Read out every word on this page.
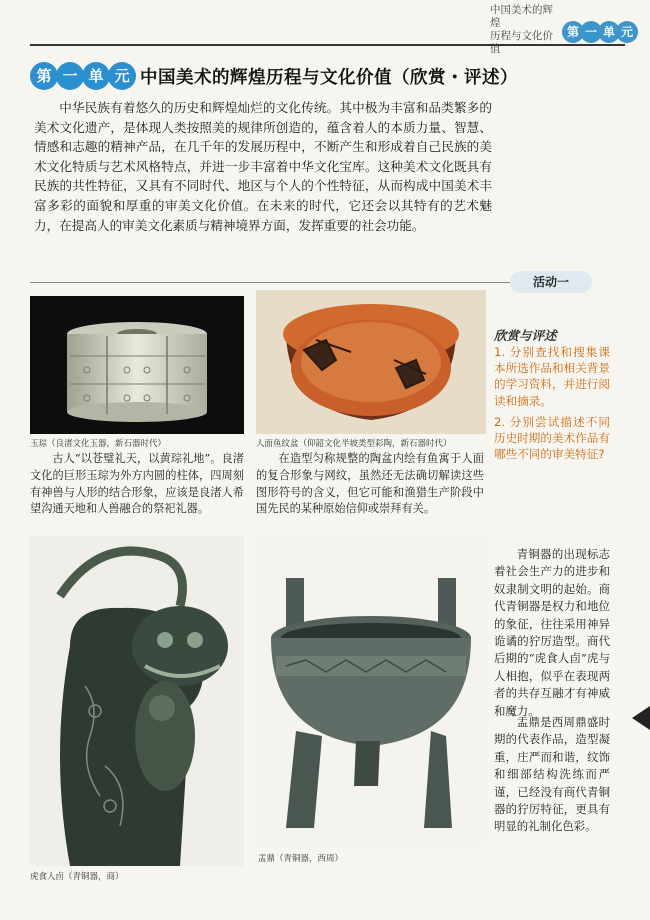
中国美术的辉煌
历程与文化价值
第 一 单 元
第 一 单 元 中国美术的辉煌历程与文化价值（欣赏・评述）
中华民族有着悠久的历史和辉煌灿烂的文化传统。其中极为丰富和品类繁多的美术文化遗产，是体现人类按照美的规律所创造的，蕴含着人的本质力量、智慧、情感和志趣的精神产品，在几千年的发展历程中，不断产生和形成着自己民族的美术文化特质与艺术风格特点，并进一步丰富着中华文化宝库。这种美术文化既具有民族的共性特征，又具有不同时代、地区与个人的个性特征，从而构成中国美术丰富多彩的面貌和厚重的审美文化价值。在未来的时代，它还会以其特有的艺术魅力，在提高人的审美文化素质与精神境界方面，发挥重要的社会功能。
活动一
欣赏与评述
1. 分别查找和搜集课本所选作品和相关背景的学习资料，并进行阅读和摘录。
2. 分别尝试描述不同历史时期的美术作品有哪些不同的审美特征?
玉琮（良渚文化玉器，新石器时代）
古人“以苍璧礼天，以黄琮礼地”。良渚文化的巨形玉琮为外方内圆的柱体，四周刻有神兽与人形的结合形象，应该是良渚人希望沟通天地和人兽融合的祭祀礼器。
人面鱼纹盆（仰韶文化半坡类型彩陶，新石器时代）
在造型匀称规整的陶盆内绘有鱼寓于人面的复合形象与网纹，虽然还无法确切解读这些图形符号的含义，但它可能和渔猎生产阶段中国先民的某种原始信仰或崇拜有关。
虎食人卣（青铜器，商）
盂鼎（青铜器，西周）
青铜器的出现标志着社会生产力的进步和奴隶制文明的起始。商代青铜器是权力和地位的象征，往往采用神异诡谲的狞厉造型。商代后期的“虎食人卣”虎与人相抱，似乎在表现两者的共存互融才有神威和魔力。
盂鼎是西周鼎盛时期的代表作品，造型凝重，庄严而和谐，纹饰和细部结构洗练而严谨，已经没有商代青铜器的狞厉特征，更具有明显的礼制化色彩。
